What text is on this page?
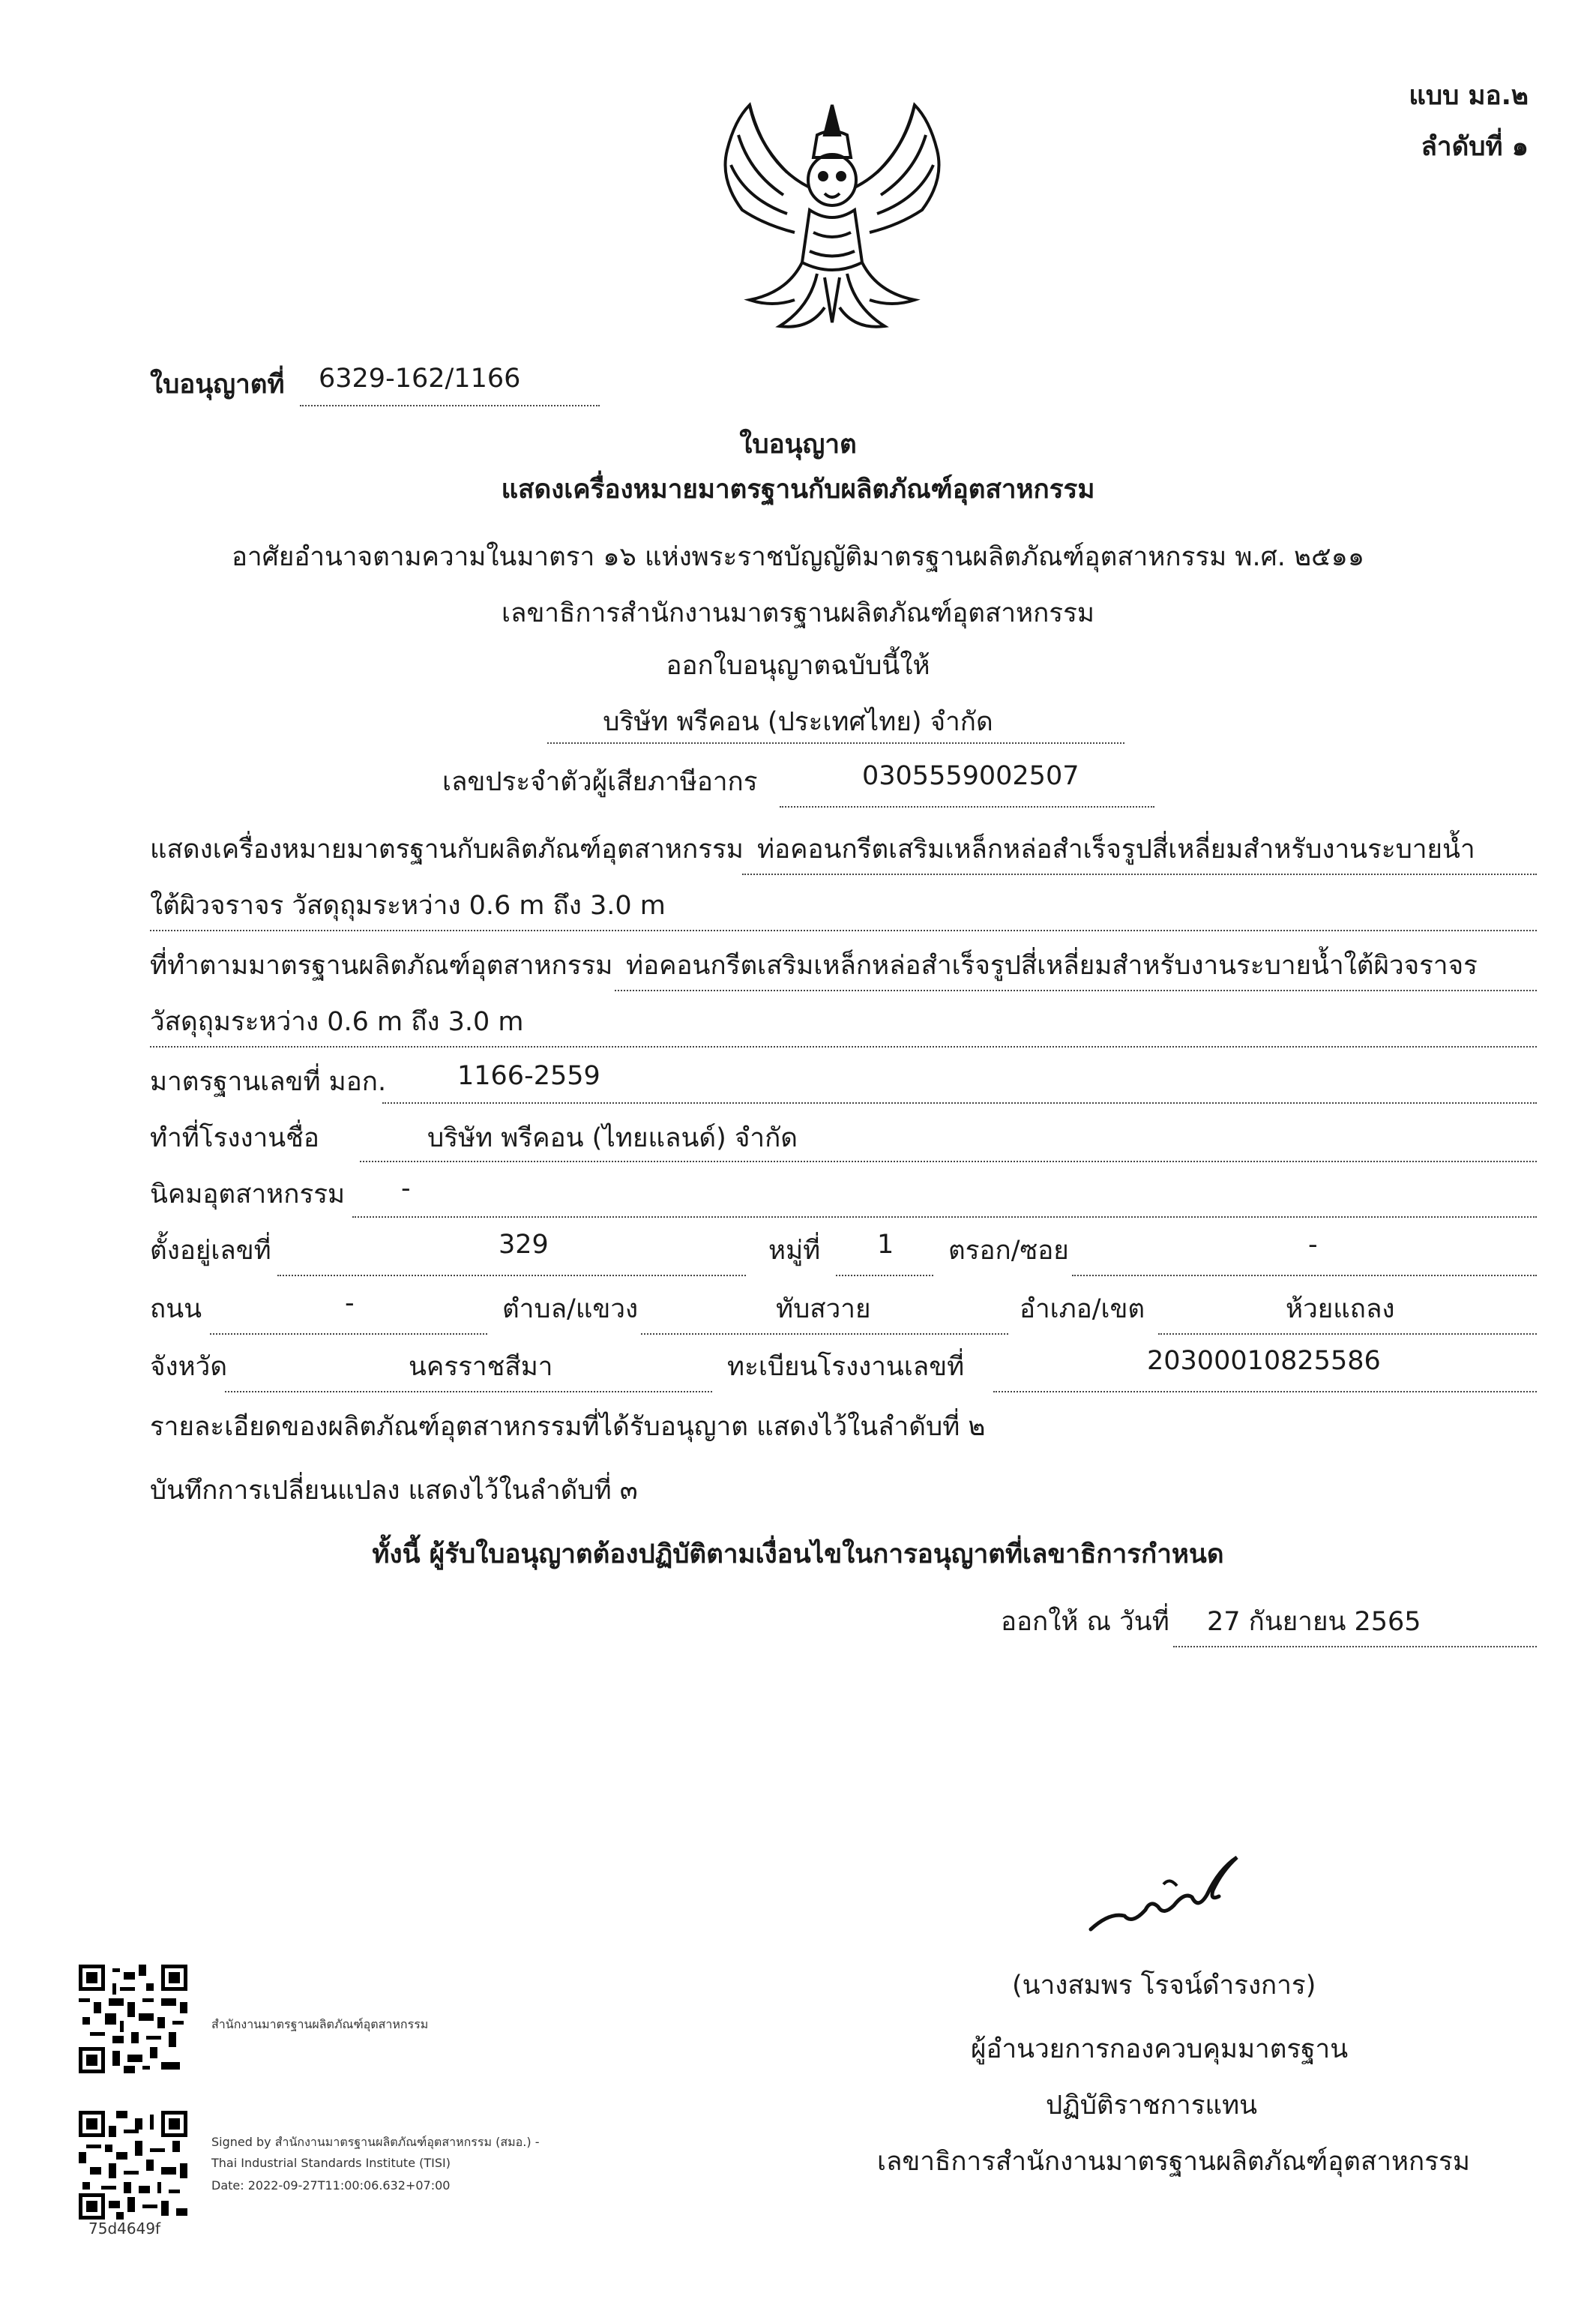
แบบ มอ.๒
ลำดับที่ ๑
ใบอนุญาตที่ 6329-162/1166
ใบอนุญาต
แสดงเครื่องหมายมาตรฐานกับผลิตภัณฑ์อุตสาหกรรม
อาศัยอำนาจตามความในมาตรา ๑๖ แห่งพระราชบัญญัติมาตรฐานผลิตภัณฑ์อุตสาหกรรม พ.ศ. ๒๕๑๑
เลขาธิการสำนักงานมาตรฐานผลิตภัณฑ์อุตสาหกรรม
ออกใบอนุญาตฉบับนี้ให้
บริษัท พรีคอน (ประเทศไทย) จำกัด
เลขประจำตัวผู้เสียภาษีอากร	0305559002507
แสดงเครื่องหมายมาตรฐานกับผลิตภัณฑ์อุตสาหกรรม ท่อคอนกรีตเสริมเหล็กหล่อสำเร็จรูปสี่เหลี่ยมสำหรับงานระบายน้ำ
ใต้ผิวจราจร วัสดุถุมระหว่าง 0.6 m ถึง 3.0 m
ที่ทำตามมาตรฐานผลิตภัณฑ์อุตสาหกรรม ท่อคอนกรีตเสริมเหล็กหล่อสำเร็จรูปสี่เหลี่ยมสำหรับงานระบายน้ำใต้ผิวจราจร
วัสดุถุมระหว่าง 0.6 m ถึง 3.0 m
มาตรฐานเลขที่ มอก.	1166-2559
ทำที่โรงงานชื่อ	บริษัท พรีคอน (ไทยแลนด์) จำกัด
นิคมอุตสาหกรรม -
ตั้งอยู่เลขที่	329	หมู่ที่ 1 ตรอก/ซอย	-
ถนน	-	ตำบล/แขวง	ทับสวาย	อำเภอ/เขต	ห้วยแถลง
จังหวัด	นครราชสีมา	ทะเบียนโรงงานเลขที่	20300010825586
รายละเอียดของผลิตภัณฑ์อุตสาหกรรมที่ได้รับอนุญาต แสดงไว้ในลำดับที่ ๒
บันทึกการเปลี่ยนแปลง แสดงไว้ในลำดับที่ ๓
ทั้งนี้ ผู้รับใบอนุญาตต้องปฏิบัติตามเงื่อนไขในการอนุญาตที่เลขาธิการกำหนด
ออกให้ ณ วันที่ 27 กันยายน 2565
(นางสมพร โรจน์ดำรงการ)
ผู้อำนวยการกองควบคุมมาตรฐาน
ปฏิบัติราชการแทน
เลขาธิการสำนักงานมาตรฐานผลิตภัณฑ์อุตสาหกรรม
สำนักงานมาตรฐานผลิตภัณฑ์อุตสาหกรรม
Signed by สำนักงานมาตรฐานผลิตภัณฑ์อุตสาหกรรม (สมอ.) -
Thai Industrial Standards Institute (TISI)
Date: 2022-09-27T11:00:06.632+07:00
75d4649f
